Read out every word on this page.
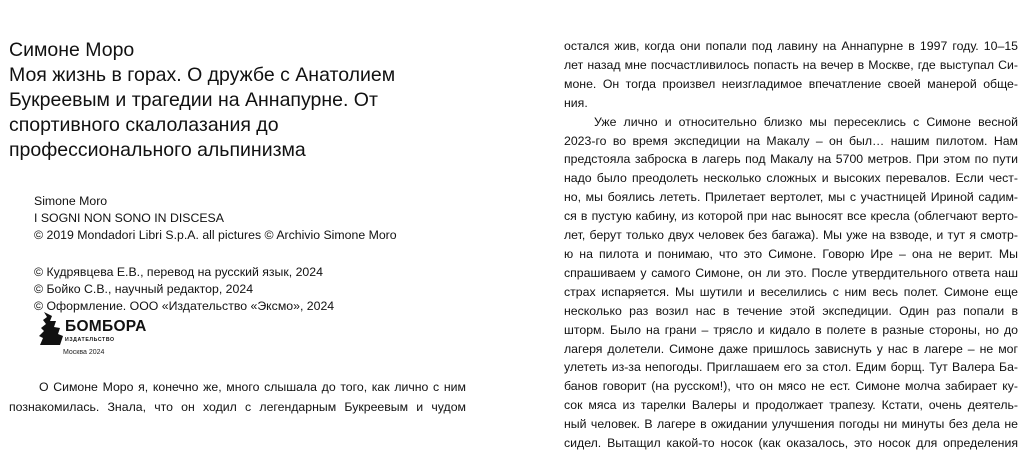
Симоне Моро
Моя жизнь в горах. О дружбе с Анатолием
Букреевым и трагедии на Аннапурне. От
спортивного скалолазания до
профессионального альпинизма
Simone Moro
I SOGNI NON SONO IN DISCESA
© 2019 Mondadori Libri S.p.A. all pictures © Archivio Simone Moro
© Кудрявцева Е.В., перевод на русский язык, 2024
© Бойко С.В., научный редактор, 2024
© Оформление. ООО «Издательство «Эксмо», 2024
БОМБОРА
ИЗДАТЕЛЬСТВО
Москва 2024
О Симоне Моро я, конечно же, много слышала до того, как лично с ним
познакомилась. Знала, что он ходил с легендарным Букреевым и чудом
остался жив, когда они попали под лавину на Аннапурне в 1997 году. 10–15
лет назад мне посчастливилось попасть на вечер в Москве, где выступал Си-
моне. Он тогда произвел неизгладимое впечатление своей манерой обще-
ния.
Уже лично и относительно близко мы пересеклись с Симоне весной
2023-го во время экспедиции на Макалу – он был… нашим пилотом. Нам
предстояла заброска в лагерь под Макалу на 5700 метров. При этом по пути
надо было преодолеть несколько сложных и высоких перевалов. Если чест-
но, мы боялись лететь. Прилетает вертолет, мы с участницей Ириной садим-
ся в пустую кабину, из которой при нас выносят все кресла (облегчают верто-
лет, берут только двух человек без багажа). Мы уже на взводе, и тут я смотр-
ю на пилота и понимаю, что это Симоне. Говорю Ире – она не верит. Мы
спрашиваем у самого Симоне, он ли это. После утвердительного ответа наш
страх испаряется. Мы шутили и веселились с ним весь полет. Симоне еще
несколько раз возил нас в течение этой экспедиции. Один раз попали в
шторм. Было на грани – трясло и кидало в полете в разные стороны, но до
лагеря долетели. Симоне даже пришлось зависнуть у нас в лагере – не мог
улететь из-за непогоды. Приглашаем его за стол. Едим борщ. Тут Валера Ба-
банов говорит (на русском!), что он мясо не ест. Симоне молча забирает ку-
сок мяса из тарелки Валеры и продолжает трапезу. Кстати, очень деятель-
ный человек. В лагере в ожидании улучшения погоды ни минуты без дела не
сидел. Вытащил какой-то носок (как оказалось, это носок для определения
